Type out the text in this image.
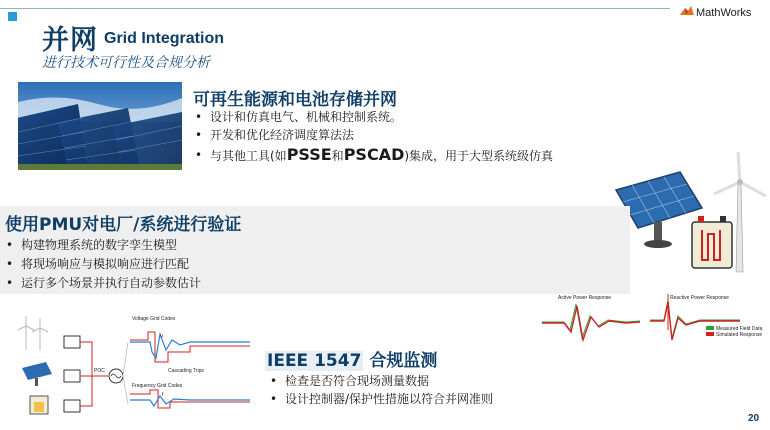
并网 Grid Integration
进行技术可行性及合规分析
MathWorks
可再生能源和电池存储并网
• 设计和仿真电气、机械和控制系统。
• 开发和优化经济调度算法法
• 与其他工具(如PSSE和PSCAD)集成，用于大型系统级仿真
使用PMU对电厂/系统进行验证
• 构建物理系统的数字孪生模型
• 将现场响应与模拟响应进行匹配
• 运行多个场景并执行自动参数估计
Active Power Response	Reactive Power Response
Measured Field Data
Simulated Response
POC
Voltage Grid Codes
V
Cascading Trips
Frequency Grid Codes
f
IEEE 1547 合规监测
• 检查是否符合现场测量数据
• 设计控制器/保护性措施以符合并网准则
20
